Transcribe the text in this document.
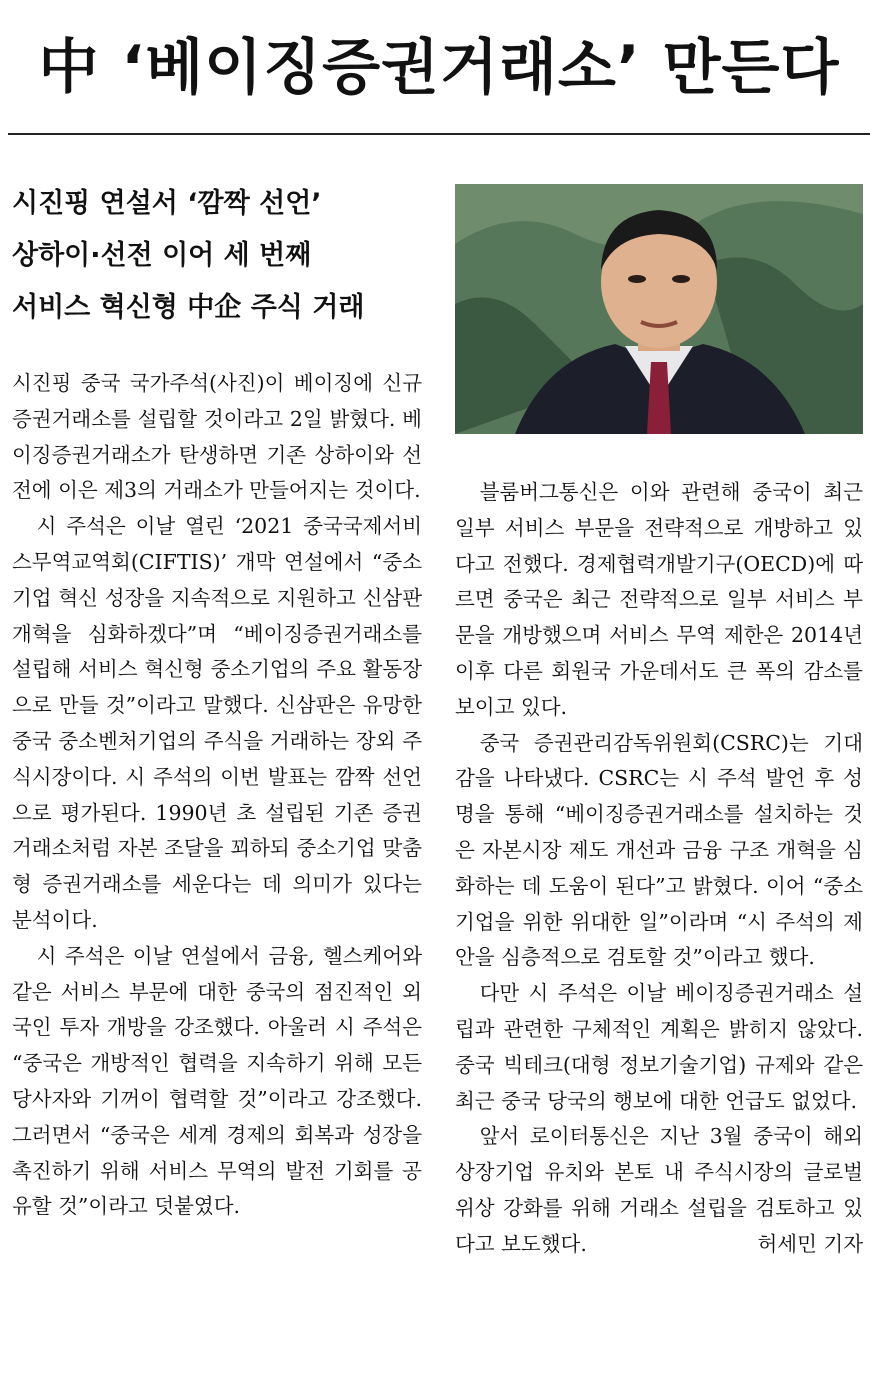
中 ‘베이징증권거래소’ 만든다
시진핑 연설서 ‘깜짝 선언’
상하이·선전 이어 세 번째
서비스 혁신형 中企 주식 거래

시진핑 중국 국가주석(사진)이 베이징에 신규 증권거래소를 설립할 것이라고 2일 밝혔다. 베이징증권거래소가 탄생하면 기존 상하이와 선전에 이은 제3의 거래소가 만들어지는 것이다.

시 주석은 이날 열린 ‘2021 중국국제서비스무역교역회(CIFTIS)’ 개막 연설에서 “중소기업 혁신 성장을 지속적으로 지원하고 신삼판 개혁을 심화하겠다”며 “베이징증권거래소를 설립해 서비스 혁신형 중소기업의 주요 활동장으로 만들 것”이라고 말했다. 신삼판은 유망한 중국 중소벤처기업의 주식을 거래하는 장외 주식시장이다. 시 주석의 이번 발표는 깜짝 선언으로 평가된다. 1990년 초 설립된 기존 증권거래소처럼 자본 조달을 꾀하되 중소기업 맞춤형 증권거래소를 세운다는 데 의미가 있다는 분석이다.

시 주석은 이날 연설에서 금융, 헬스케어와 같은 서비스 부문에 대한 중국의 점진적인 외국인 투자 개방을 강조했다. 아울러 시 주석은 “중국은 개방적인 협력을 지속하기 위해 모든 당사자와 기꺼이 협력할 것”이라고 강조했다. 그러면서 “중국은 세계 경제의 회복과 성장을 촉진하기 위해 서비스 무역의 발전 기회를 공유할 것”이라고 덧붙였다.

블룸버그통신은 이와 관련해 중국이 최근 일부 서비스 부문을 전략적으로 개방하고 있다고 전했다. 경제협력개발기구(OECD)에 따르면 중국은 최근 전략적으로 일부 서비스 부문을 개방했으며 서비스 무역 제한은 2014년 이후 다른 회원국 가운데서도 큰 폭의 감소를 보이고 있다.

중국 증권관리감독위원회(CSRC)는 기대감을 나타냈다. CSRC는 시 주석 발언 후 성명을 통해 “베이징증권거래소를 설치하는 것은 자본시장 제도 개선과 금융 구조 개혁을 심화하는 데 도움이 된다”고 밝혔다. 이어 “중소기업을 위한 위대한 일”이라며 “시 주석의 제안을 심층적으로 검토할 것”이라고 했다.

다만 시 주석은 이날 베이징증권거래소 설립과 관련한 구체적인 계획은 밝히지 않았다. 중국 빅테크(대형 정보기술기업) 규제와 같은 최근 중국 당국의 행보에 대한 언급도 없었다.

앞서 로이터통신은 지난 3월 중국이 해외 상장기업 유치와 본토 내 주식시장의 글로벌 위상 강화를 위해 거래소 설립을 검토하고 있다고 보도했다.	허세민 기자
